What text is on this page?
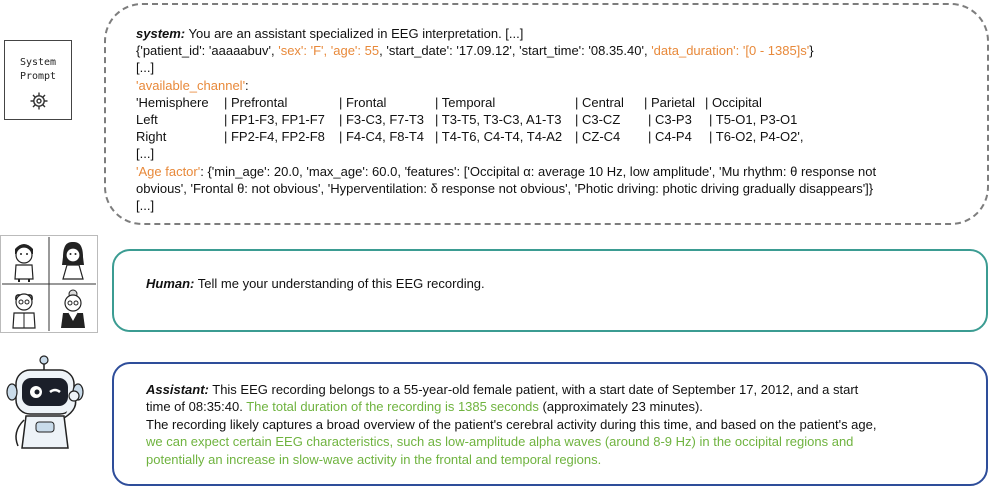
System
Prompt
system: You are an assistant specialized in EEG interpretation. [...]
{'patient_id': 'aaaaabuv', 'sex': 'F', 'age': 55, 'start_date': '17.09.12', 'start_time': '08.35.40', 'data_duration': '[0 - 1385]s'}
[...]
'available_channel':
'Hemisphere | Prefrontal	| Frontal	| Temporal	| Central | Parietal | Occipital
Left	| FP1-F3, FP1-F7 | F3-C3, F7-T3 | T3-T5, T3-C3, A1-T3 | C3-CZ | C3-P3 | T5-O1, P3-O1
Right	| FP2-F4, FP2-F8 | F4-C4, F8-T4 | T4-T6, C4-T4, T4-A2 | CZ-C4 | C4-P4 | T6-O2, P4-O2',
[...]
'Age factor': {'min_age': 20.0, 'max_age': 60.0, 'features': ['Occipital α: average 10 Hz, low amplitude', 'Mu rhythm: θ response not
obvious', 'Frontal θ: not obvious', 'Hyperventilation: δ response not obvious', 'Photic driving: photic driving gradually disappears']}
[...]
Human: Tell me your understanding of this EEG recording.
Assistant: This EEG recording belongs to a 55-year-old female patient, with a start date of September 17, 2012, and a start
time of 08:35:40. The total duration of the recording is 1385 seconds (approximately 23 minutes).
The recording likely captures a broad overview of the patient's cerebral activity during this time, and based on the patient's age,
we can expect certain EEG characteristics, such as low-amplitude alpha waves (around 8-9 Hz) in the occipital regions and
potentially an increase in slow-wave activity in the frontal and temporal regions.
